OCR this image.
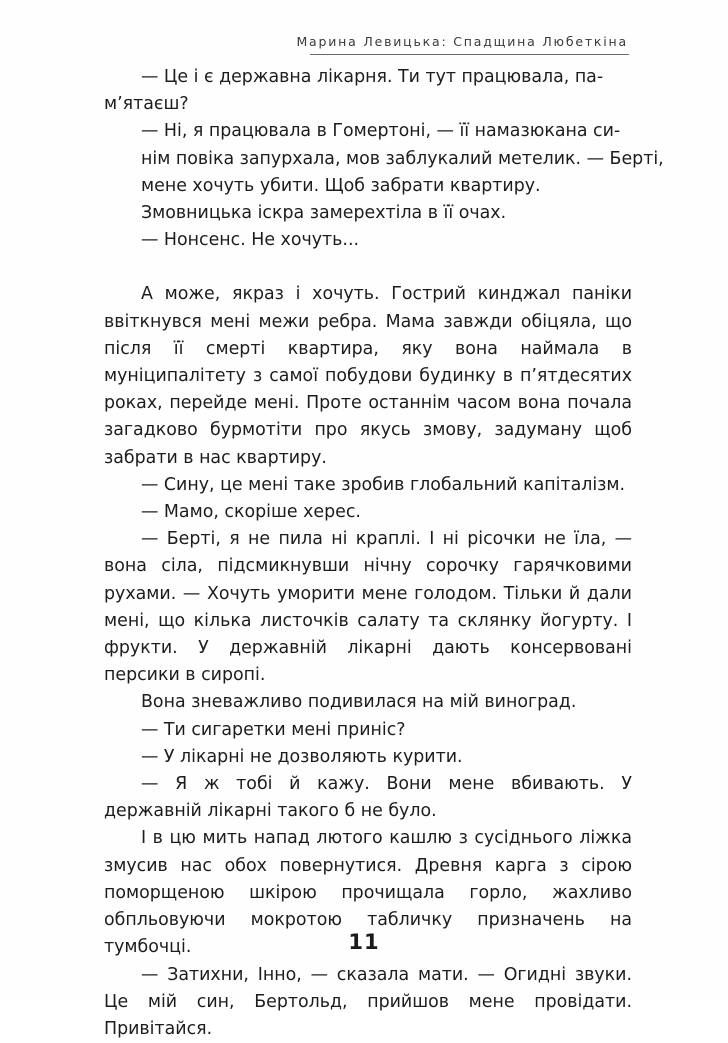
Марина Левицька: Спадщина Любеткіна

— Це і є державна лікарня. Ти тут працювала, па-
м’ятаєш?

— Ні, я працювала в Гомертоні, — її намазюкана си-
нім повіка запурхала, мов заблукалий метелик. — Берті,
мене хочуть убити. Щоб забрати квартиру.

Змовницька іскра замерехтіла в її очах.

— Нонсенс. Не хочуть...

А може, якраз і хочуть. Гострий кинджал паніки ввіткнувся мені межи ребра. Мама завжди обіцяла, що після її смерті квартира, яку вона наймала в муніципалітету з самої побудови будинку в п’ятдесятих роках, перейде мені. Проте останнім часом вона почала загадково бурмотіти про якусь змову, задуману щоб забрати в нас квартиру.

— Сину, це мені таке зробив глобальний капіталізм.

— Мамо, скоріше херес.

— Берті, я не пила ні краплі. І ні рісочки не їла, — вона сіла, підсмикнувши нічну сорочку гарячковими рухами. — Хочуть уморити мене голодом. Тільки й дали мені, що кілька листочків салату та склянку йогурту. І фрукти. У державній лікарні дають консервовані персики в сиропі.

Вона зневажливо подивилася на мій виноград.

— Ти сигаретки мені приніс?

— У лікарні не дозволяють курити.

— Я ж тобі й кажу. Вони мене вбивають. У державній лікарні такого б не було.

І в цю мить напад лютого кашлю з сусіднього ліжка змусив нас обох повернутися. Древня карга з сірою поморщеною шкірою прочищала горло, жахливо обпльовуючи мокротою табличку призначень на тумбочці.

— Затихни, Інно, — сказала мати. — Огидні звуки. Це мій син, Бертольд, прийшов мене провідати. Привітайся.

11
